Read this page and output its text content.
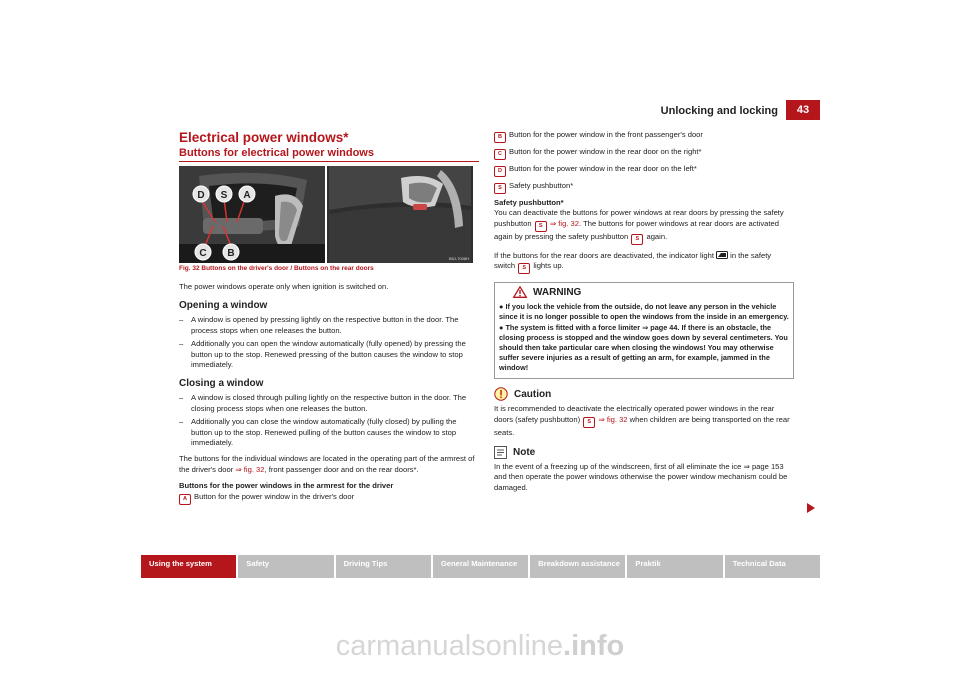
Unlocking and locking	43
Electrical power windows*
Buttons for electrical power windows
D S A
C B	B5J-7008H
Fig. 32 Buttons on the driver's door / Buttons on the rear doors

The power windows operate only when ignition is switched on.

Opening a window
– A window is opened by pressing lightly on the respective button in the door. The process stops when one releases the button.
– Additionally you can open the window automatically (fully opened) by pressing the button up to the stop. Renewed pressing of the button causes the window to stop immediately.
Closing a window
– A window is closed through pulling lightly on the respective button in the door. The closing process stops when one releases the button.
– Additionally you can close the window automatically (fully closed) by pulling the button up to the stop. Renewed pulling of the button causes the window to stop immediately.

The buttons for the individual windows are located in the operating part of the armrest of the driver's door ⇒ fig. 32, front passenger door and on the rear doors*.

Buttons for the power windows in the armrest for the driver

A Button for the power window in the driver's door

B Button for the power window in the front passenger's door

C Button for the power window in the rear door on the right*

D Button for the power window in the rear door on the left*

S Safety pushbutton*

Safety pushbutton*

You can deactivate the buttons for power windows at rear doors by pressing the safety pushbutton S ⇒ fig. 32. The buttons for power windows at rear doors are activated again by pressing the safety pushbutton S again.

If the buttons for the rear doors are deactivated, the indicator light  in the safety switch S lights up.

WARNING
● If you lock the vehicle from the outside, do not leave any person in the vehicle since it is no longer possible to open the windows from the inside in an emergency.
● The system is fitted with a force limiter ⇒ page 44. If there is an obstacle, the closing process is stopped and the window goes down by several centimeters. You should then take particular care when closing the windows! You may otherwise suffer severe injuries as a result of getting an arm, for example, jammed in the window!
Caution

It is recommended to deactivate the electrically operated power windows in the rear doors (safety pushbutton) S ⇒ fig. 32 when children are being transported on the rear seats.

Note

In the event of a freezing up of the windscreen, first of all eliminate the ice ⇒ page 153 and then operate the power windows otherwise the power window mechanism could be damaged.

Using the system	Safety	Driving Tips	General Maintenance	Breakdown assistance	Praktik	Technical Data
carmanualsonline.info
